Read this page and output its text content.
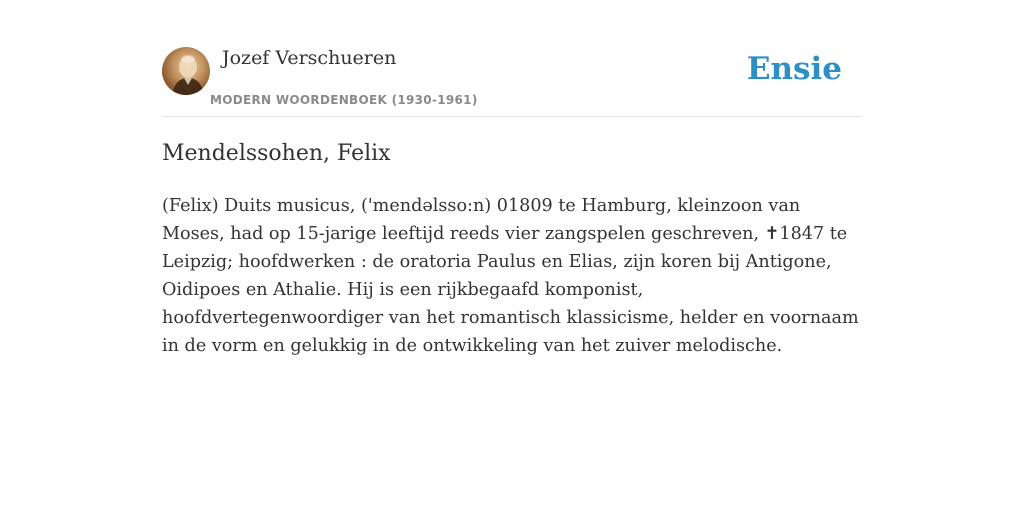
Jozef Verschueren
MODERN WOORDENBOEK (1930-1961)
Ensie
Mendelssohen, Felix

(Felix) Duits musicus, ('mendəlsso:n) 01809 te Hamburg, kleinzoon van Moses, had op 15-jarige leeftijd reeds vier zangspelen geschreven, ✝1847 te Leipzig; hoofdwerken : de oratoria Paulus en Elias, zijn koren bij Antigone, Oidipoes en Athalie. Hij is een rijkbegaafd komponist, hoofdvertegenwoordiger van het romantisch klassicisme, helder en voornaam in de vorm en gelukkig in de ontwikkeling van het zuiver melodische.
